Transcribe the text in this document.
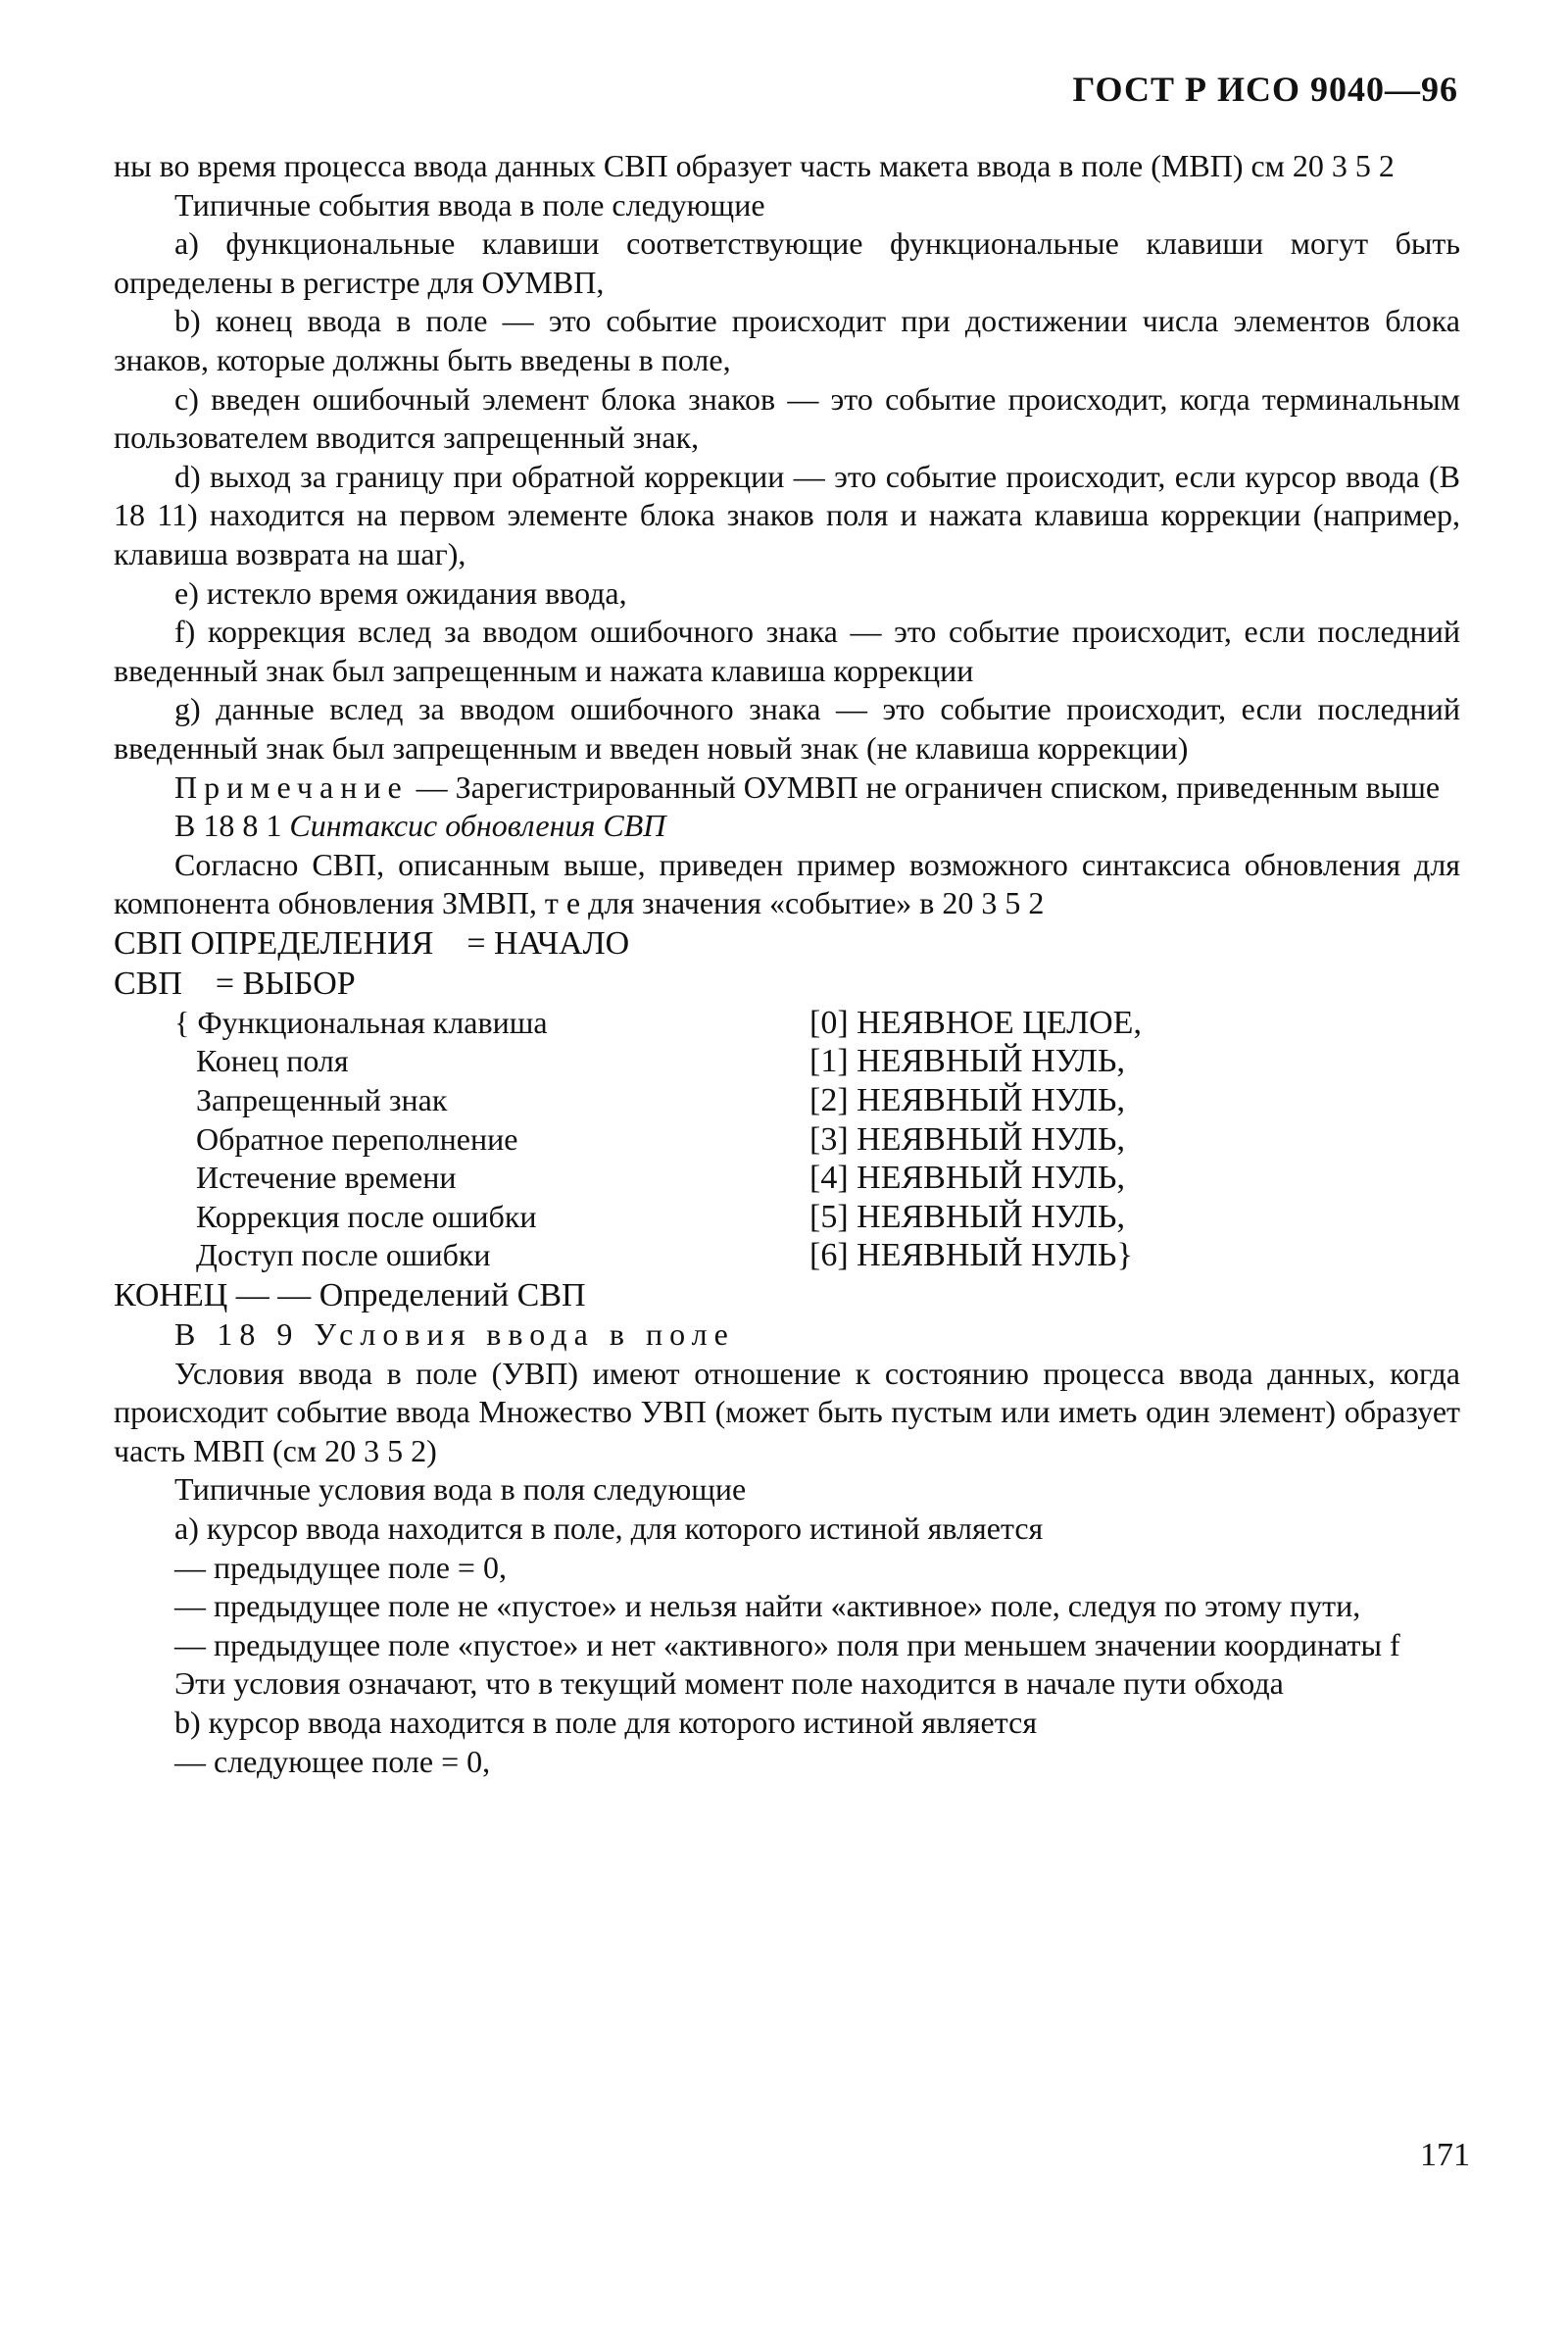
ГОСТ Р ИСО 9040—96

ны во время процесса ввода данных СВП образует часть макета ввода в поле (МВП) см 20 3 5 2

Типичные события ввода в поле следующие

а) функциональные клавиши соответствующие функциональные клавиши могут быть определены в регистре для ОУМВП,

b) конец ввода в поле — это событие происходит при достижении числа элементов блока знаков, которые должны быть введены в поле,

с) введен ошибочный элемент блока знаков — это событие происходит, когда терминальным пользователем вводится запрещенный знак,

d) выход за границу при обратной коррекции — это событие происходит, если курсор ввода (В 18 11) находится на первом элементе блока знаков поля и нажата клавиша коррекции (например, клавиша возврата на шаг),

е) истекло время ожидания ввода,

f) коррекция вслед за вводом ошибочного знака — это событие происходит, если последний введенный знак был запрещенным и нажата клавиша коррекции

g) данные вслед за вводом ошибочного знака — это событие происходит, если последний введенный знак был запрещенным и введен новый знак (не клавиша коррекции)

Примечание — Зарегистрированный ОУМВП не ограничен списком, приведенным выше

В 18 8 1 Синтаксис обновления СВП

Согласно СВП, описанным выше, приведен пример возможного синтаксиса обновления для компонента обновления ЗМВП, т е для значения «событие» в 20 3 5 2

СВП ОПРЕДЕЛЕНИЯ    = НАЧАЛО

СВП    = ВЫБОР

{ Функциональная клавиша	[0] НЕЯВНОЕ ЦЕЛОЕ,
Конец поля	[1] НЕЯВНЫЙ НУЛЬ,
Запрещенный знак	[2] НЕЯВНЫЙ НУЛЬ,
Обратное переполнение	[3] НЕЯВНЫЙ НУЛЬ,
Истечение времени	[4] НЕЯВНЫЙ НУЛЬ,
Коррекция после ошибки	[5] НЕЯВНЫЙ НУЛЬ,
Доступ после ошибки	[6] НЕЯВНЫЙ НУЛЬ}

КОНЕЦ — — Определений СВП

В 18 9 Условия ввода в поле

Условия ввода в поле (УВП) имеют отношение к состоянию процесса ввода данных, когда происходит событие ввода Множество УВП (может быть пустым или иметь один элемент) образует часть МВП (см 20 3 5 2)

Типичные условия вода в поля следующие

а) курсор ввода находится в поле, для которого истиной является

— предыдущее поле = 0,

— предыдущее поле не «пустое» и нельзя найти «активное» поле, следуя по этому пути,

— предыдущее поле «пустое» и нет «активного» поля при меньшем значении координаты f

Эти условия означают, что в текущий момент поле находится в начале пути обхода

b) курсор ввода находится в поле для которого истиной является

— следующее поле = 0,

171
